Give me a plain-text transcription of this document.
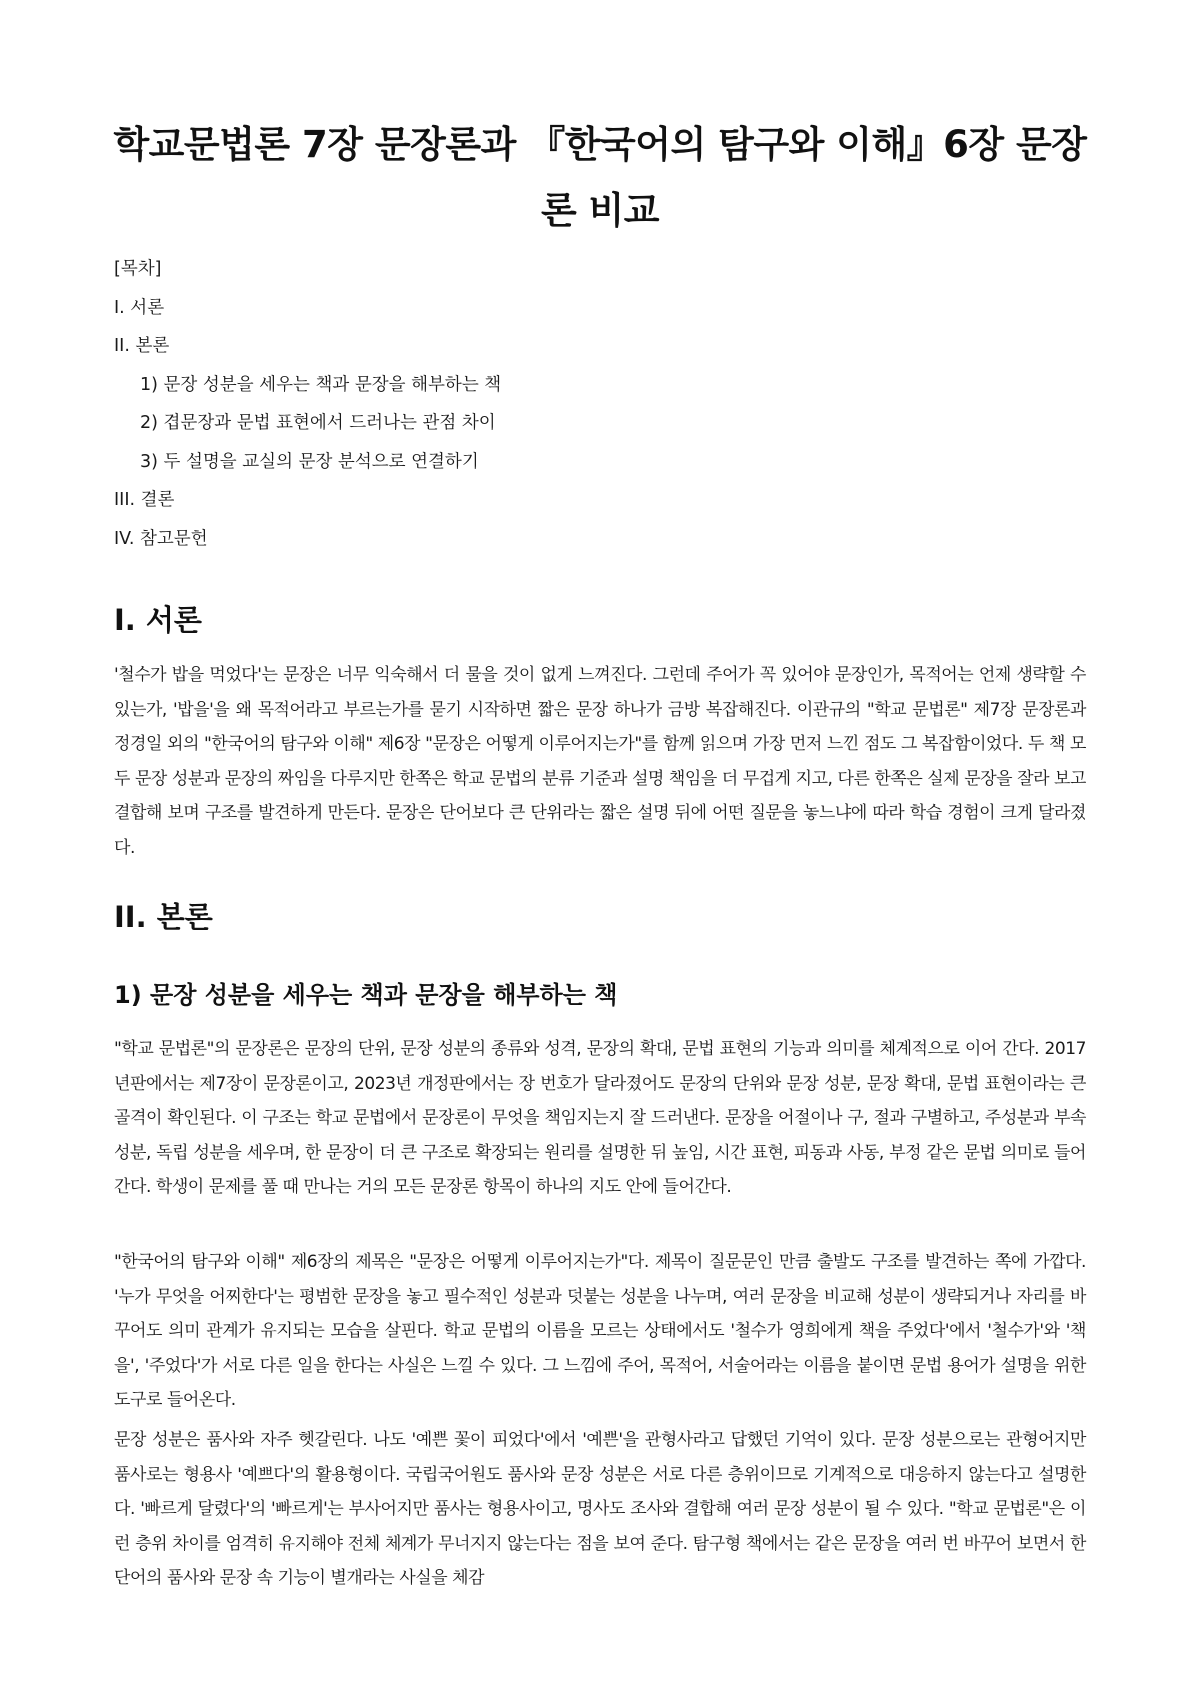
학교문법론 7장 문장론과 『한국어의 탐구와 이해』6장 문장론 비교

[목차]

I. 서론

II. 본론

1) 문장 성분을 세우는 책과 문장을 해부하는 책

2) 겹문장과 문법 표현에서 드러나는 관점 차이

3) 두 설명을 교실의 문장 분석으로 연결하기

III. 결론

IV. 참고문헌

I. 서론

'철수가 밥을 먹었다'는 문장은 너무 익숙해서 더 물을 것이 없게 느껴진다. 그런데 주어가 꼭 있어야 문장인가, 목적어는 언제 생략할 수 있는가, '밥을'을 왜 목적어라고 부르는가를 묻기 시작하면 짧은 문장 하나가 금방 복잡해진다. 이관규의 "학교 문법론" 제7장 문장론과 정경일 외의 "한국어의 탐구와 이해" 제6장 "문장은 어떻게 이루어지는가"를 함께 읽으며 가장 먼저 느낀 점도 그 복잡함이었다. 두 책 모두 문장 성분과 문장의 짜임을 다루지만 한쪽은 학교 문법의 분류 기준과 설명 책임을 더 무겁게 지고, 다른 한쪽은 실제 문장을 잘라 보고 결합해 보며 구조를 발견하게 만든다. 문장은 단어보다 큰 단위라는 짧은 설명 뒤에 어떤 질문을 놓느냐에 따라 학습 경험이 크게 달라졌다.

II. 본론
1) 문장 성분을 세우는 책과 문장을 해부하는 책

"학교 문법론"의 문장론은 문장의 단위, 문장 성분의 종류와 성격, 문장의 확대, 문법 표현의 기능과 의미를 체계적으로 이어 간다. 2017년판에서는 제7장이 문장론이고, 2023년 개정판에서는 장 번호가 달라졌어도 문장의 단위와 문장 성분, 문장 확대, 문법 표현이라는 큰 골격이 확인된다. 이 구조는 학교 문법에서 문장론이 무엇을 책임지는지 잘 드러낸다. 문장을 어절이나 구, 절과 구별하고, 주성분과 부속 성분, 독립 성분을 세우며, 한 문장이 더 큰 구조로 확장되는 원리를 설명한 뒤 높임, 시간 표현, 피동과 사동, 부정 같은 문법 의미로 들어간다. 학생이 문제를 풀 때 만나는 거의 모든 문장론 항목이 하나의 지도 안에 들어간다.

"한국어의 탐구와 이해" 제6장의 제목은 "문장은 어떻게 이루어지는가"다. 제목이 질문문인 만큼 출발도 구조를 발견하는 쪽에 가깝다. '누가 무엇을 어찌한다'는 평범한 문장을 놓고 필수적인 성분과 덧붙는 성분을 나누며, 여러 문장을 비교해 성분이 생략되거나 자리를 바꾸어도 의미 관계가 유지되는 모습을 살핀다. 학교 문법의 이름을 모르는 상태에서도 '철수가 영희에게 책을 주었다'에서 '철수가'와 '책을', '주었다'가 서로 다른 일을 한다는 사실은 느낄 수 있다. 그 느낌에 주어, 목적어, 서술어라는 이름을 붙이면 문법 용어가 설명을 위한 도구로 들어온다.

문장 성분은 품사와 자주 헷갈린다. 나도 '예쁜 꽃이 피었다'에서 '예쁜'을 관형사라고 답했던 기억이 있다. 문장 성분으로는 관형어지만 품사로는 형용사 '예쁘다'의 활용형이다. 국립국어원도 품사와 문장 성분은 서로 다른 층위이므로 기계적으로 대응하지 않는다고 설명한다. '빠르게 달렸다'의 '빠르게'는 부사어지만 품사는 형용사이고, 명사도 조사와 결합해 여러 문장 성분이 될 수 있다. "학교 문법론"은 이런 층위 차이를 엄격히 유지해야 전체 체계가 무너지지 않는다는 점을 보여 준다. 탐구형 책에서는 같은 문장을 여러 번 바꾸어 보면서 한 단어의 품사와 문장 속 기능이 별개라는 사실을 체감
